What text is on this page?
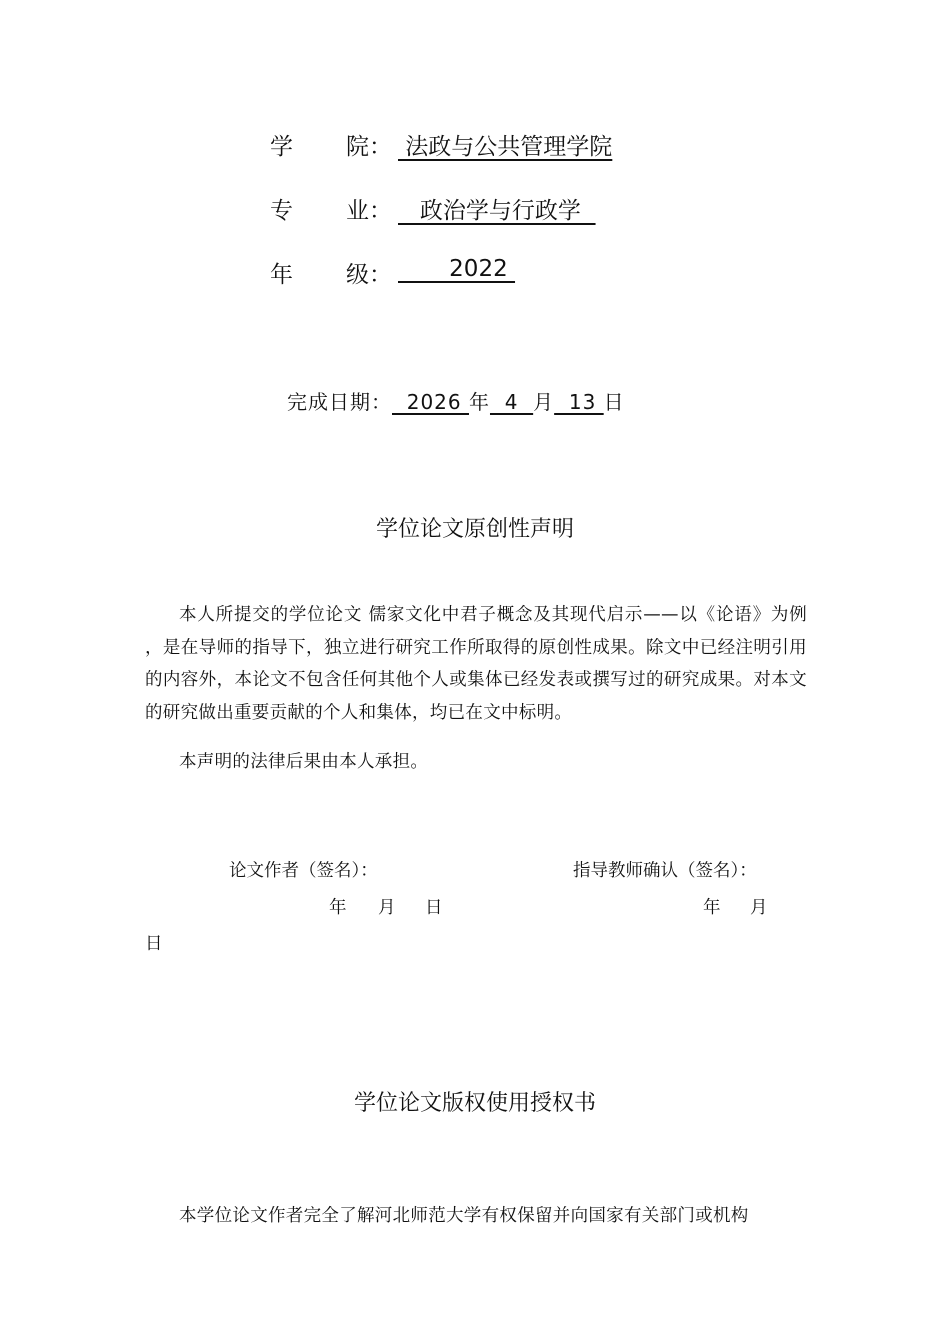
学 院： 法政与公共管理学院
专 业： 政治学与行政学
年 级： 2022
完成日期：  2026 年  4  月  13 日
学位论文原创性声明

本人所提交的学位论文 儒家文化中君子概念及其现代启示——以《论语》为例 ，是在导师的指导下，独立进行研究工作所取得的原创性成果。除文中已经注明引用的内容外，本论文不包含任何其他个人或集体已经发表或撰写过的研究成果。对本文的研究做出重要贡献的个人和集体，均已在文中标明。

本声明的法律后果由本人承担。

论文作者（签名）：	指导教师确认（签名）：
年 月 日	年 月
日
学位论文版权使用授权书
本学位论文作者完全了解河北师范大学有权保留并向国家有关部门或机构
